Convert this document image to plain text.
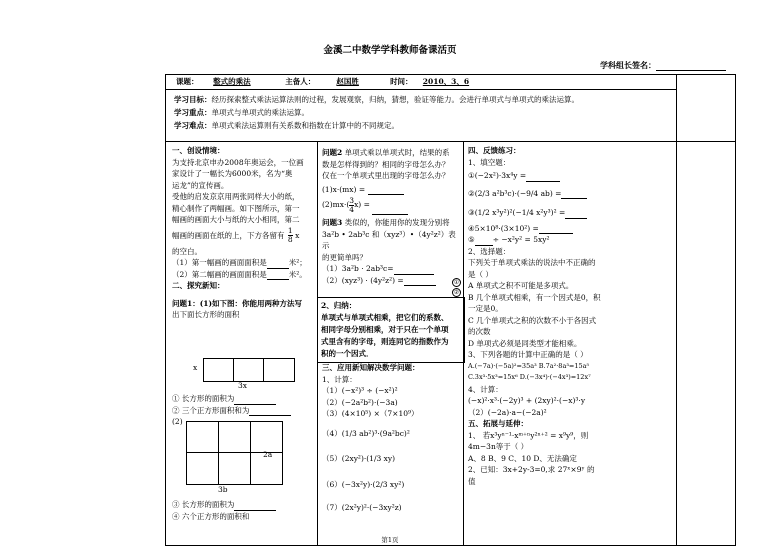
金溪二中数学学科教师备课活页
学科组长签名：
课题： 整式的乘法	主备人：	赵国胜	时间： 2010、3、6
学习目标：经历探索整式乘法运算法则的过程，发展观察，归纳，猜想，验证等能力。会进行单项式与单项式的乘法运算。
学习重点：单项式与单项式的乘法运算。
学习难点：单项式乘法运算则有关系数和指数在计算中的不同规定。

一、创设情境：

为支持北京申办2008年奥运会，一位画

家设计了一幅长为6000米，名为“奥

运龙”的宣传画。

受他的启发京京用两张同样大小的纸，

精心制作了两幅画。如下图所示，第一

幅画的画面大小与纸的大小相同，第二

幅画的画面在纸的上，下方各留有 $\frac{1}{8}$ x

的空白。

（1）第一幅画的画面面积是	米²；

（2）第二幅画的画面面积是	米²。

二、探究新知：

问题1：(1)如下图：你能用两种方法写

出下面长方形的面积

x
3x

① 长方形的面积为

② 三个正方形面积和为

(2)

2a
3b

③ 长方形的面积为

④ 六个正方形的面积和

问题2 单项式乘以单项式时，结果的系

数是怎样得到的？相同的字母怎么办？

仅在一个单项式里出现的字母怎么办？

(1)x·(mx) =

$(2)mx\cdot( \frac{3}{4} x)$ =

问题3 类似的，你能用你的发现分别将

3a²b • 2ab³c 和（xyz³）•（4y²z²）表示

的更简单吗？

（1）3a²b · 2ab³c=

（2）(xyz³) · (4y²z²) =	①
②
2、归纳：
单项式与单项式相乘，把它们的系数、
相同字母分别相乘，对于只在一个单项
式里含有的字母，则连同它的指数作为
积的一个因式．

三、应用新知解决数学问题：

1、计算：

（1）(−x²)³ ÷ (−x²)²

（2）(−2a²b²)·(−3a)

（3）(4×10⁵) ×（7×10⁹）

（4）(1/3 ab²)³·(9a²bc)²

（5）(2xy²)·(1/3 xy)

（6）(−3x²y)·(2/3 xy²)

（7）(2x²y)²·(−3xy²z)

四、反馈练习：

1、填空题：

①(−2x²)·3x⁴y =

②(2/3 a²b³c)·(−9/4 ab) =

③(1/2 x³y²)²(−1/4 x²y³)² =

④5×10⁸·(3×10²) =

⑤ ÷ −x²y² = 5xy²

2、选择题：

下列关于单项式乘法的说法中不正确的

是（ ）

A 单项式之积不可能是多项式。

B 几个单项式相乘，有一个因式是0，积

一定是0。

C 几个单项式之积的次数不小于各因式

的次数

D 单项式必须是同类型才能相乘。

3、下列各题的计算中正确的是（ ）

A.(−7a)·(−5a)²=35a³ B.7a²·8a³=15a⁵

C.3x³·5x³=15x⁶ D.(−3x⁴)·(−4x³)=12x⁷

4、计算：

(−x)²·x³·(−2y)³ + (2xy)²·(−x)³·y

（2）(−2a)·a−(−2a)²

五、拓展与延伸：

1、 若x³yⁿ⁻¹·xᵐ⁺ⁿy²ⁿ⁺² = x⁹y⁹，则

4m−3n等于（ ）

A、8 B、9 C、10 D、无法确定

2、已知：3x+2y-3=0,求 27ˣ×9ʸ 的

值

第1页
